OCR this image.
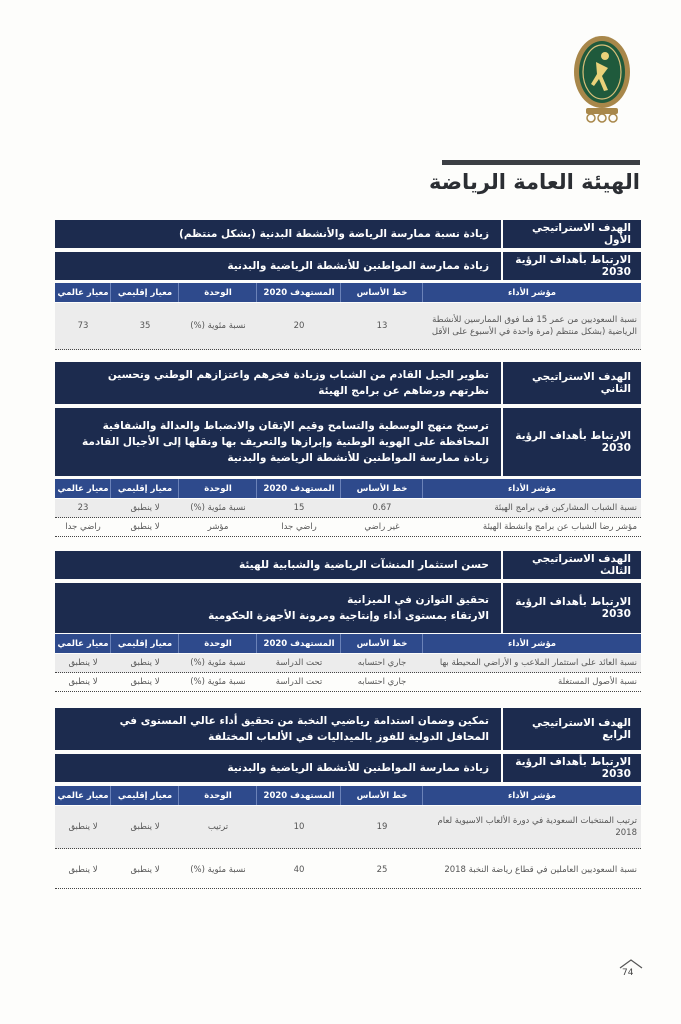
الهيئة العامة الرياضة
الهدف الاستراتيجي الأول
زيادة نسبة ممارسة الرياضة والأنشطة البدنية (بشكل منتظم)
الارتباط بأهداف الرؤية 2030
زيادة ممارسة المواطنين للأنشطة الرياضية والبدنية
مؤشر الأداء
خط الأساس
المستهدف 2020
الوحدة
معيار إقليمي
معيار عالمي
نسبة السعوديين من عمر 15 فما فوق الممارسين للأنشطة الرياضية (بشكل منتظم (مرة واحدة في الأسبوع على الأقل
13
20
نسبة مئوية (%)
35
73
الهدف الاستراتيجي الثاني
تطوير الجيل القادم من الشباب وزيادة فخرهم واعتزازهم الوطني وتحسين
نظرتهم ورضاهم عن برامج الهيئة
الارتباط بأهداف الرؤية 2030
ترسيخ منهج الوسطية والتسامح وقيم الإتقان والانضباط والعدالة والشفافية
المحافظة على الهوية الوطنية وإبرازها والتعريف بها ونقلها إلى الأجيال القادمة
زيادة ممارسة المواطنين للأنشطة الرياضية والبدنية
مؤشر الأداء
خط الأساس
المستهدف 2020
الوحدة
معيار إقليمي
معيار عالمي
نسبة الشباب المشاركين في برامج الهيئة
0.67
15
نسبة مئوية (%)
لا ينطبق
23
مؤشر رضا الشباب عن برامج وانشطة الهيئة
غير راضي
راضي جدا
مؤشر
لا ينطبق
راضي جدا
الهدف الاستراتيجي الثالث
حسن استثمار المنشآت الرياضية والشبابية للهيئة
الارتباط بأهداف الرؤية 2030
تحقيق التوازن في الميزانية
الارتقاء بمستوى أداء وإنتاجية ومرونة الأجهزة الحكومية
مؤشر الأداء
خط الأساس
المستهدف 2020
الوحدة
معيار إقليمي
معيار عالمي
نسبة العائد على استثمار الملاعب و الأراضي المحيطة بها
جاري احتسابه
تحت الدراسة
نسبة مئوية (%)
لا ينطبق
لا ينطبق
نسبة الأصول المستغلة
جاري احتسابه
تحت الدراسة
نسبة مئوية (%)
لا ينطبق
لا ينطبق
الهدف الاستراتيجي الرابع
تمكين وضمان استدامة رياضيي النخبة من تحقيق أداء عالي المستوى في
المحافل الدولية للفوز بالميداليات في الألعاب المختلفة
الارتباط بأهداف الرؤية 2030
زيادة ممارسة المواطنين للأنشطة الرياضية والبدنية
مؤشر الأداء
خط الأساس
المستهدف 2020
الوحدة
معيار إقليمي
معيار عالمي
ترتيب المنتخبات السعودية في دورة الألعاب الاسيوية لعام 2018
19
10
ترتيب
لا ينطبق
لا ينطبق
نسبة السعوديين العاملين في قطاع رياضة النخبة 2018
25
40
نسبة مئوية (%)
لا ينطبق
لا ينطبق
74
